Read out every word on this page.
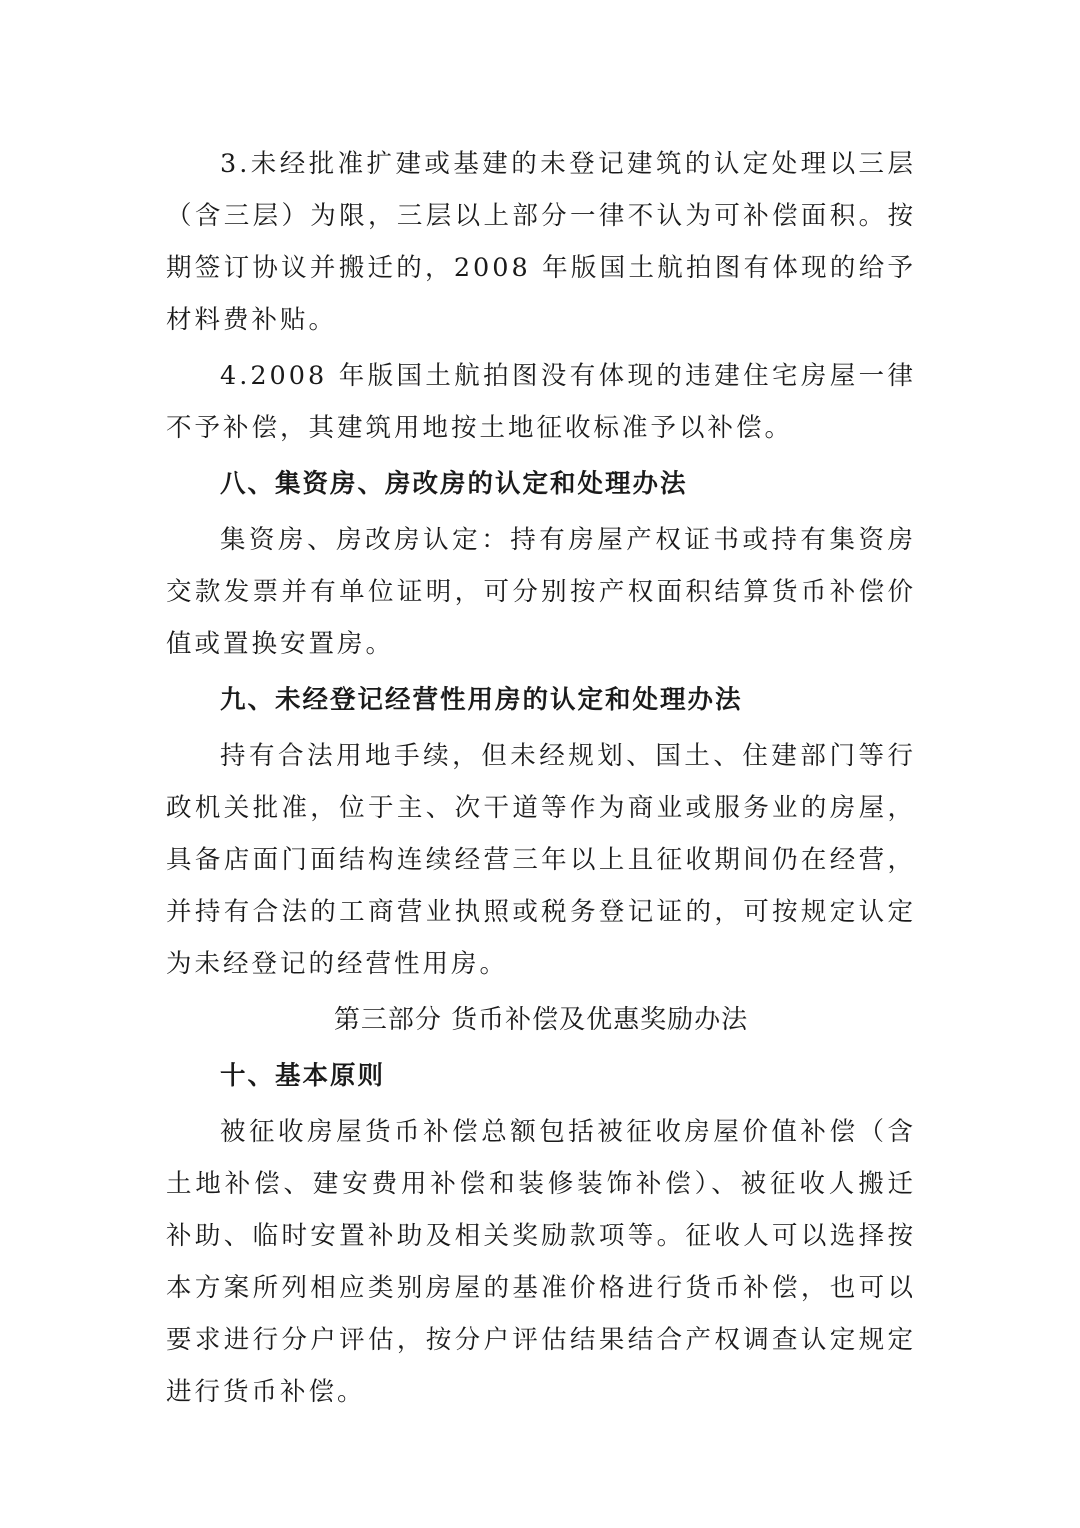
3.未经批准扩建或基建的未登记建筑的认定处理以三层（含三层）为限，三层以上部分一律不认为可补偿面积。按期签订协议并搬迁的，2008 年版国土航拍图有体现的给予材料费补贴。

4.2008 年版国土航拍图没有体现的违建住宅房屋一律不予补偿，其建筑用地按土地征收标准予以补偿。

八、集资房、房改房的认定和处理办法

集资房、房改房认定：持有房屋产权证书或持有集资房交款发票并有单位证明，可分别按产权面积结算货币补偿价值或置换安置房。

九、未经登记经营性用房的认定和处理办法

持有合法用地手续，但未经规划、国土、住建部门等行政机关批准，位于主、次干道等作为商业或服务业的房屋，具备店面门面结构连续经营三年以上且征收期间仍在经营，并持有合法的工商营业执照或税务登记证的，可按规定认定为未经登记的经营性用房。

第三部分 货币补偿及优惠奖励办法

十、基本原则

被征收房屋货币补偿总额包括被征收房屋价值补偿（含土地补偿、建安费用补偿和装修装饰补偿）、被征收人搬迁补助、临时安置补助及相关奖励款项等。征收人可以选择按本方案所列相应类别房屋的基准价格进行货币补偿，也可以要求进行分户评估，按分户评估结果结合产权调查认定规定进行货币补偿。
